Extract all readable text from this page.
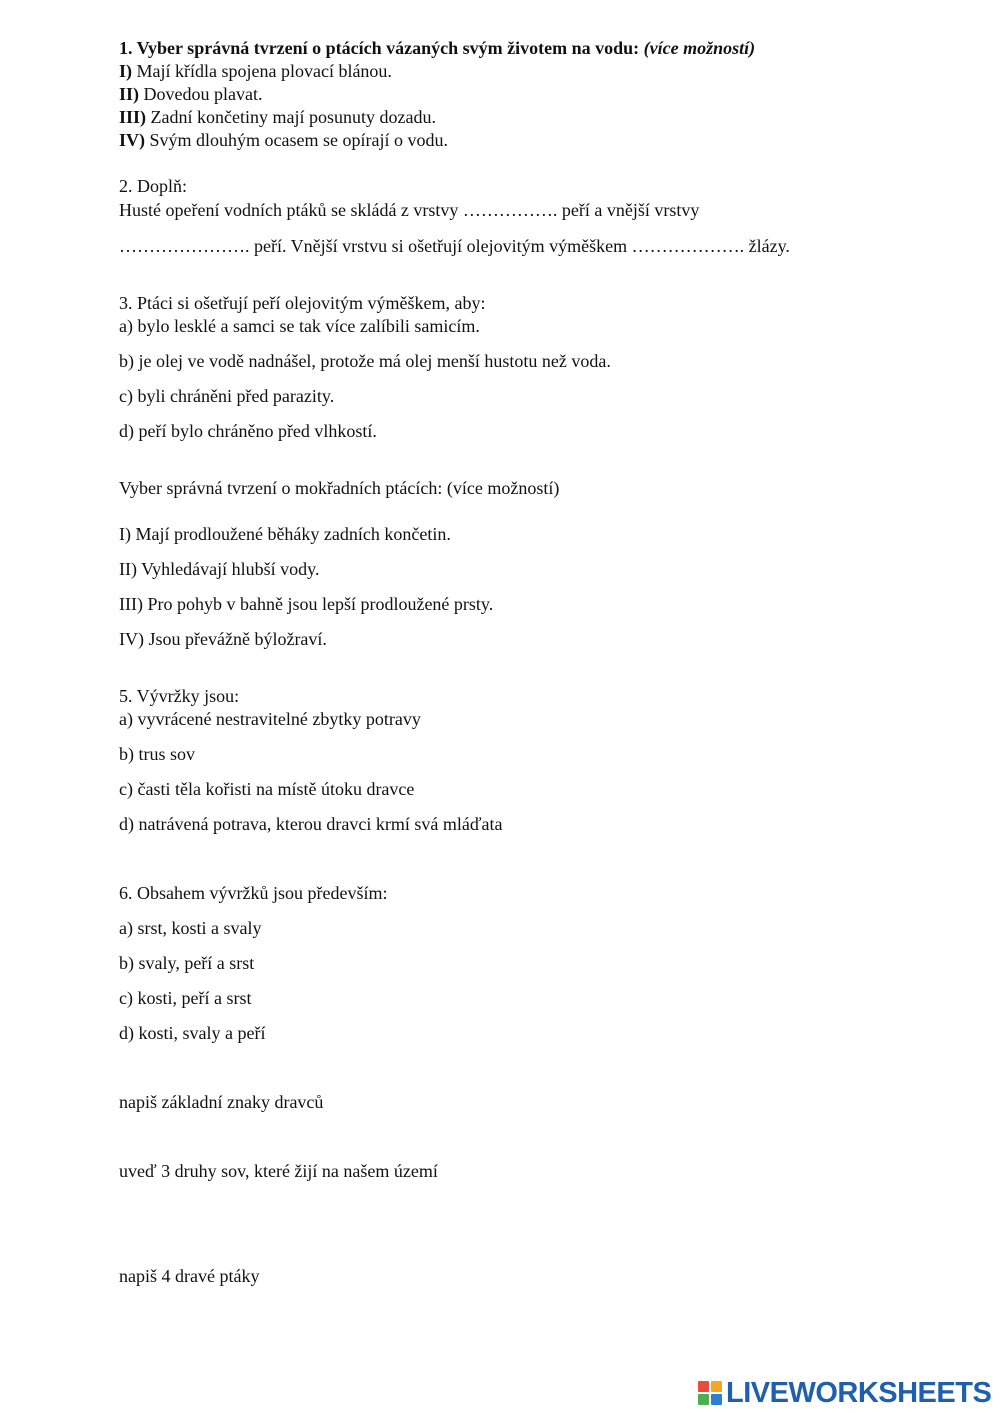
1. Vyber správná tvrzení o ptácích vázaných svým životem na vodu: (více možností)
I) Mají křídla spojena plovací blánou.
II) Dovedou plavat.
III) Zadní končetiny mají posunuty dozadu.
IV) Svým dlouhým ocasem se opírají o vodu.
2. Doplň:
Husté opeření vodních ptáků se skládá z vrstvy ……………. peří a vnější vrstvy
…………………. peří. Vnější vrstvu si ošetřují olejovitým výměškem ………………. žlázy.
3. Ptáci si ošetřují peří olejovitým výměškem, aby:
a) bylo lesklé a samci se tak více zalíbili samicím.
b) je olej ve vodě nadnášel, protože má olej menší hustotu než voda.
c) byli chráněni před parazity.
d) peří bylo chráněno před vlhkostí.
Vyber správná tvrzení o mokřadních ptácích: (více možností)
I) Mají prodloužené běháky zadních končetin.
II) Vyhledávají hlubší vody.
III) Pro pohyb v bahně jsou lepší prodloužené prsty.
IV) Jsou převážně býložraví.
5. Vývržky jsou:
a) vyvrácené nestravitelné zbytky potravy
b) trus sov
c) časti těla kořisti na místě útoku dravce
d) natrávená potrava, kterou dravci krmí svá mláďata
6. Obsahem vývržků jsou především:
a) srst, kosti a svaly
b) svaly, peří a srst
c) kosti, peří a srst
d) kosti, svaly a peří
napiš základní znaky dravců
uveď 3 druhy sov, které žijí na našem území
napiš 4 dravé ptáky
LIVEWORKSHEETS
